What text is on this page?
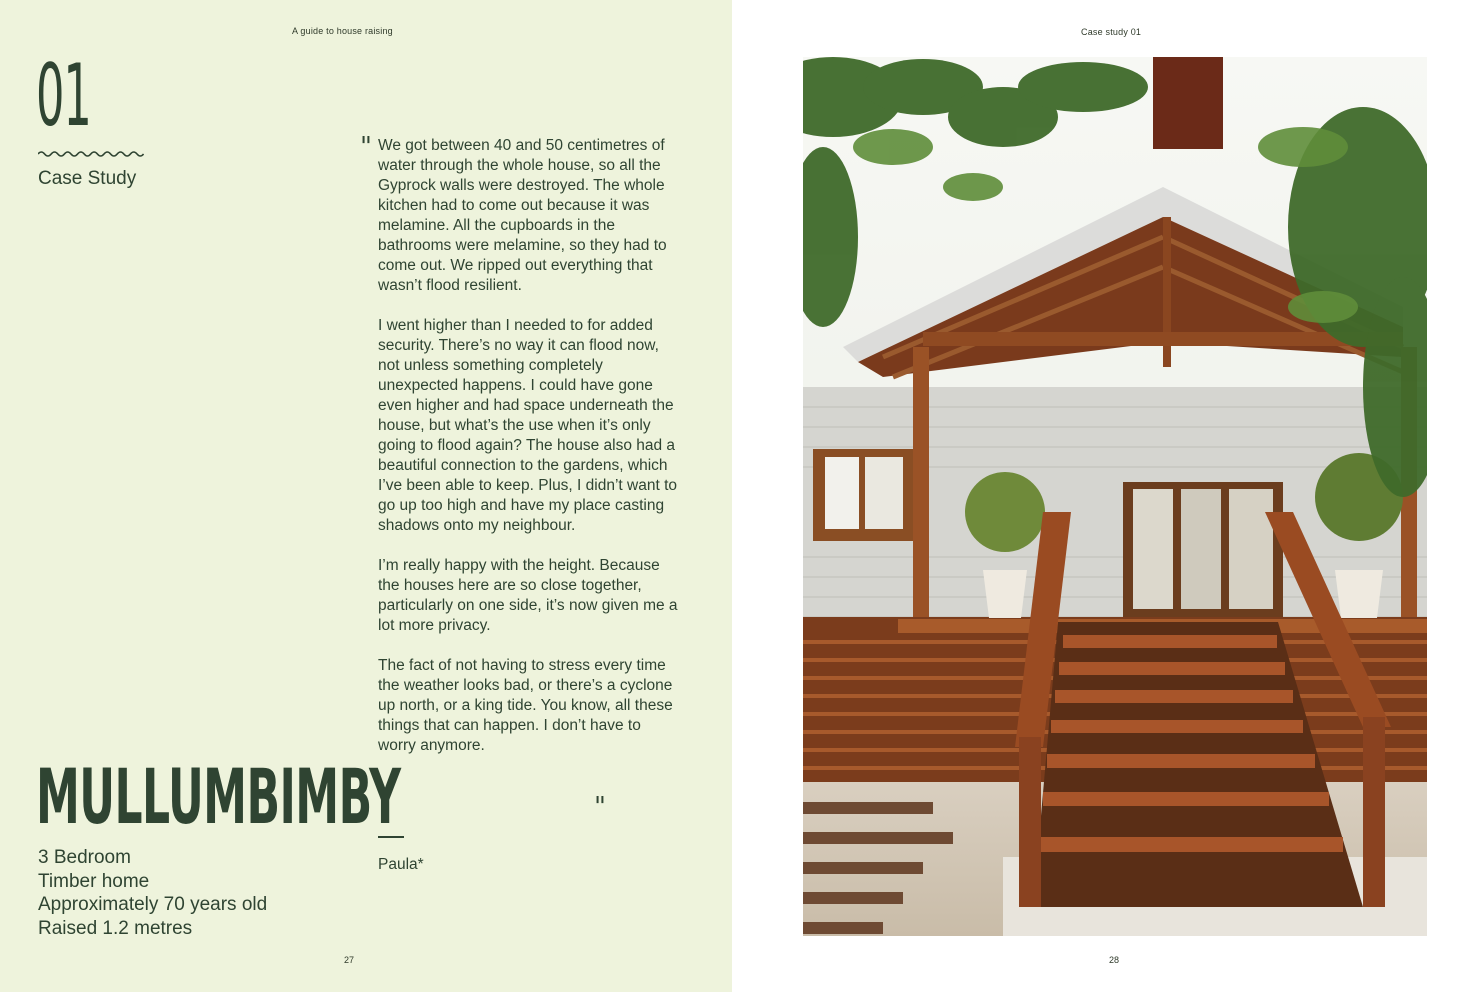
A guide to house raising
01
Case Study
" We got between 40 and 50 centimetres of water through the whole house, so all the Gyprock walls were destroyed. The whole kitchen had to come out because it was melamine. All the cupboards in the bathrooms were melamine, so they had to come out. We ripped out everything that wasn’t flood resilient.

I went higher than I needed to for added security. There’s no way it can flood now, not unless something completely unexpected happens. I could have gone even higher and had space underneath the house, but what’s the use when it’s only going to flood again? The house also had a beautiful connection to the gardens, which I’ve been able to keep. Plus, I didn’t want to go up too high and have my place casting shadows onto my neighbour.

I’m really happy with the height. Because the houses here are so close together, particularly on one side, it’s now given me a lot more privacy.

The fact of not having to stress every time the weather looks bad, or there’s a cyclone up north, or a king tide. You know, all these things that can happen. I don’t have to worry anymore.

"
Paula*
MULLUMBIMBY
3 Bedroom
Timber home
Approximately 70 years old
Raised 1.2 metres
27
Case study 01
28
